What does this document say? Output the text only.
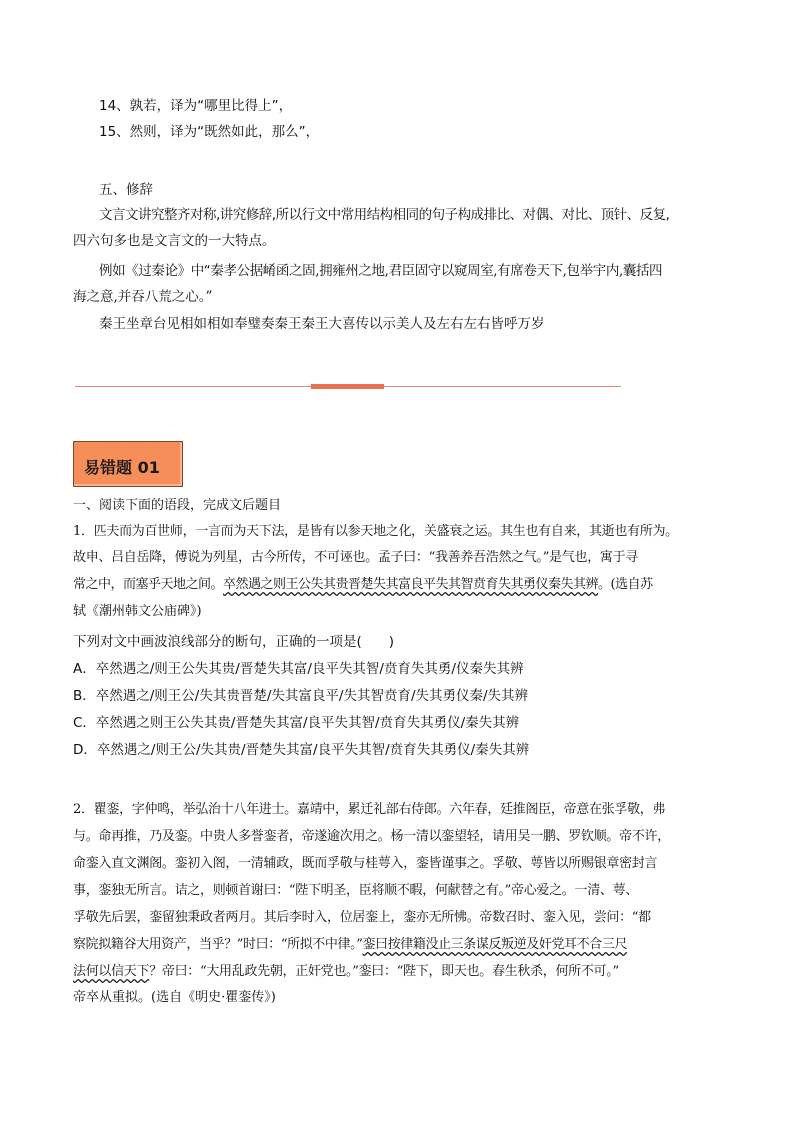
14、孰若，译为“哪里比得上”，
15、然则，译为“既然如此，那么”，
五、修辞
文言文讲究整齐对称,讲究修辞,所以行文中常用结构相同的句子构成排比、对偶、对比、顶针、反复,
四六句多也是文言文的一大特点。
例如《过秦论》中“秦孝公据崤函之固,拥雍州之地,君臣固守以窥周室,有席卷天下,包举宇内,囊括四
海之意,并吞八荒之心。”
秦王坐章台见相如相如奉璧奏秦王秦王大喜传以示美人及左右左右皆呼万岁
易错题 01
一、阅读下面的语段，完成文后题目
1．匹夫而为百世师，一言而为天下法，是皆有以参天地之化，关盛衰之运。其生也有自来，其逝也有所为。
故申、吕自岳降，傅说为列星，古今所传，不可诬也。孟子曰：“我善养吾浩然之气。”是气也，寓于寻
常之中，而塞乎天地之间。卒然遇之则王公失其贵晋楚失其富良平失其智贲育失其勇仪秦失其辨。(选自苏
轼《潮州韩文公庙碑》)
下列对文中画波浪线部分的断句，正确的一项是(　　)
A．卒然遇之/则王公失其贵/晋楚失其富/良平失其智/贲育失其勇/仪秦失其辨
B．卒然遇之/则王公/失其贵晋楚/失其富良平/失其智贲育/失其勇仪秦/失其辨
C．卒然遇之则王公失其贵/晋楚失其富/良平失其智/贲育失其勇仪/秦失其辨
D．卒然遇之/则王公/失其贵/晋楚失其富/良平失其智/贲育失其勇仪/秦失其辨
2．瞿銮，字仲鸣，举弘治十八年进士。嘉靖中，累迁礼部右侍郎。六年春，廷推阁臣，帝意在张孚敬，弗
与。命再推，乃及銮。中贵人多誉銮者，帝遂逾次用之。杨一清以銮望轻，请用吴一鹏、罗钦顺。帝不许，
命銮入直文渊阁。銮初入阁，一清辅政，既而孚敬与桂萼入，銮皆谨事之。孚敬、萼皆以所赐银章密封言
事，銮独无所言。诘之，则顿首谢曰：“陛下明圣，臣将顺不暇，何献替之有。”帝心爱之。一清、萼、
孚敬先后罢，銮留独秉政者两月。其后李时入，位居銮上，銮亦无所怫。帝数召时、銮入见，尝问：“都
察院拟籍谷大用资产，当乎？”时曰：“所拟不中律。”銮曰按律籍没止三条谋反叛逆及奸党耳不合三尺
法何以信天下？帝曰：“大用乱政先朝，正奸党也。”銮曰：“陛下，即天也。春生秋杀，何所不可。”
帝卒从重拟。(选自《明史·瞿銮传》)
